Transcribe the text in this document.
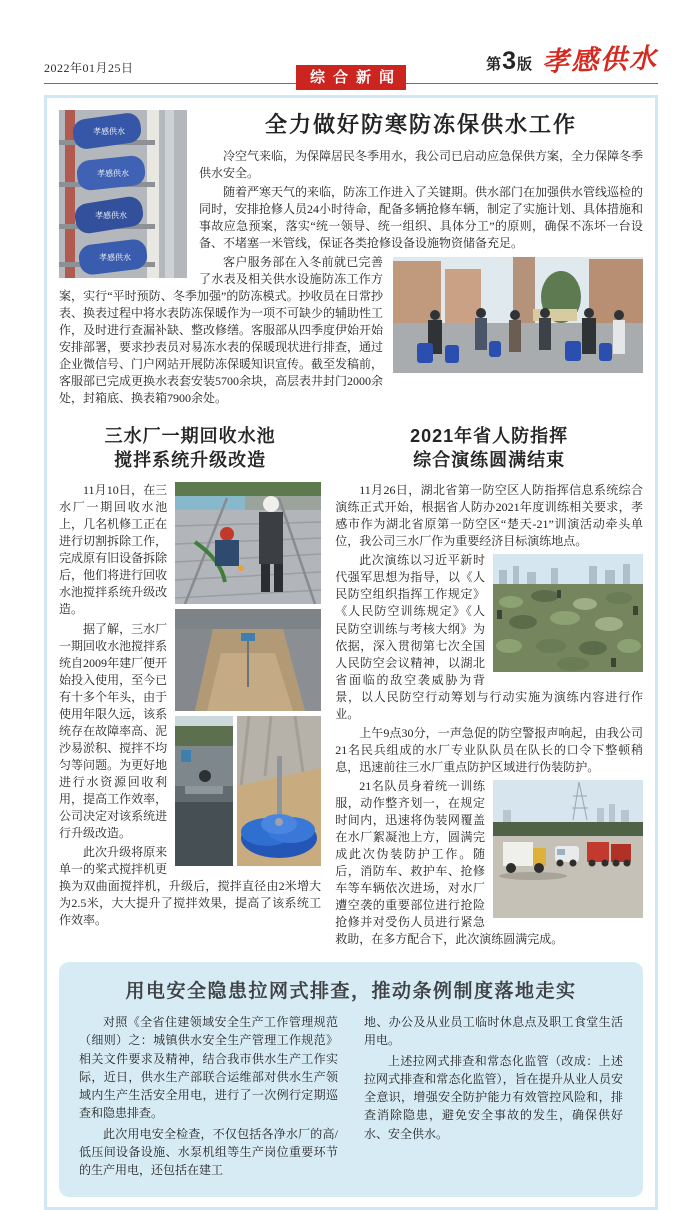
2022年01月25日
综合新闻
第 3 版 孝感供水
孝感供水
孝感供水
孝感供水
孝感供水
全力做好防寒防冻保供水工作

冷空气来临，为保障居民冬季用水，我公司已启动应急保供方案，全力保障冬季供水安全。

随着严寒天气的来临，防冻工作进入了关键期。供水部门在加强供水管线巡检的同时，安排抢修人员24小时待命，配备多辆抢修车辆，制定了实施计划、具体措施和事故应急预案，落实“统一领导、统一组织、具体分工”的原则，确保不冻坏一台设备、不堵塞一米管线，保证各类抢修设备设施物资储备充足。

客户服务部在入冬前就已完善了水表及相关供水设施防冻工作方案，实行“平时预防、冬季加强”的防冻模式。抄收员在日常抄表、换表过程中将水表防冻保暖作为一项不可缺少的辅助性工作，及时进行查漏补缺、整改修缮。客服部从四季度伊始开始安排部署，要求抄表员对易冻水表的保暖现状进行排查，通过企业微信号、门户网站开展防冻保暖知识宣传。截至发稿前，客服部已完成更换水表套安装5700余块，高层表井封门2000余处，封箱底、换表箱7900余处。

三水厂一期回收水池
搅拌系统升级改造

11月10日，在三水厂一期回收水池上，几名机修工正在进行切割拆除工作，完成原有旧设备拆除后，他们将进行回收水池搅拌系统升级改造。

据了解，三水厂一期回收水池搅拌系统自2009年建厂便开始投入使用，至今已有十多个年头，由于使用年限久远，该系统存在故障率高、泥沙易淤积、搅拌不均匀等问题。为更好地进行水资源回收利用，提高工作效率，公司决定对该系统进行升级改造。

此次升级将原来单一的桨式搅拌机更换为双曲面搅拌机，升级后，搅拌直径由2米增大为2.5米，大大提升了搅拌效果，提高了该系统工作效率。

2021年省人防指挥
综合演练圆满结束

11月26日，湖北省第一防空区人防指挥信息系统综合演练正式开始，根据省人防办2021年度训练相关要求，孝感市作为湖北省原第一防空区“楚天-21”训演活动牵头单位，我公司三水厂作为重要经济目标演练地点。

此次演练以习近平新时代强军思想为指导，以《人民防空组织指挥工作规定》《人民防空训练规定》《人民防空训练与考核大纲》为依据，深入贯彻第七次全国人民防空会议精神，以湖北省面临的敌空袭威胁为背景，以人民防空行动筹划与行动实施为演练内容进行作业。

上午9点30分，一声急促的防空警报声响起，由我公司21名民兵组成的水厂专业队队员在队长的口令下整顿稍息，迅速前往三水厂重点防护区域进行伪装防护。

21名队员身着统一训练服，动作整齐划一，在规定时间内，迅速将伪装网覆盖在水厂絮凝池上方，圆满完成此次伪装防护工作。随后，消防车、救护车、抢修车等车辆依次进场，对水厂遭空袭的重要部位进行抢险抢修并对受伤人员进行紧急救助，在多方配合下，此次演练圆满完成。

用电安全隐患拉网式排查，推动条例制度落地走实

对照《全省住建领域安全生产工作管理规范（细则）之：城镇供水安全生产管理工作规范》相关文件要求及精神，结合我市供水生产工作实际，近日，供水生产部联合运维部对供水生产领域内生产生活安全用电，进行了一次例行定期巡查和隐患排查。

此次用电安全检查，不仅包括各净水厂的高/低压间设备设施、水泵机组等生产岗位重要环节的生产用电，还包括在建工

地、办公及从业员工临时休息点及职工食堂生活用电。

上述拉网式排查和常态化监管（改成：上述拉网式排查和常态化监管），旨在提升从业人员安全意识，增强安全防护能力有效管控风险和，排查消除隐患，避免安全事故的发生，确保供好水、安全供水。
